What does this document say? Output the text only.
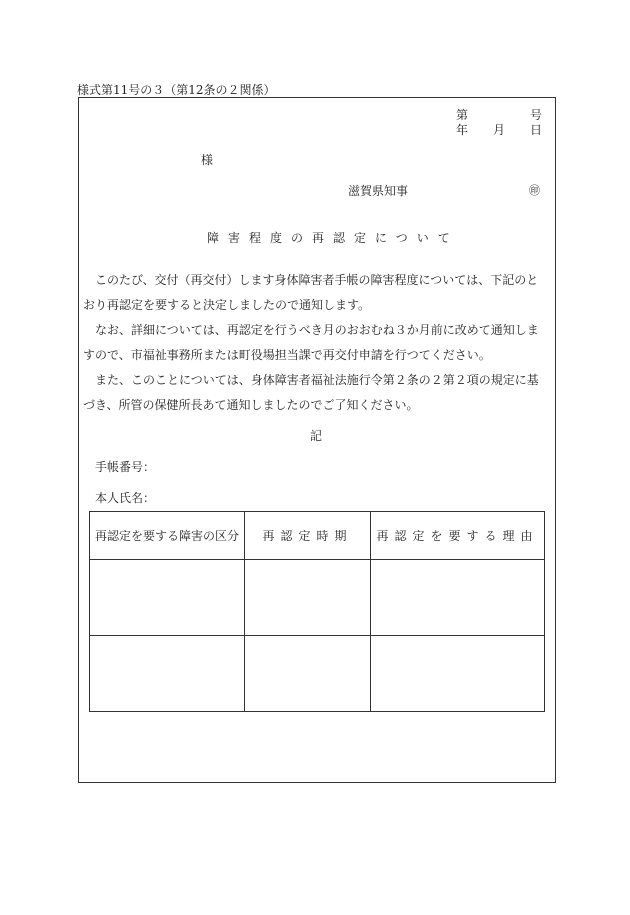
様式第11号の３（第12条の２関係）
第	号
年 月 日
様
滋賀県知事	㊞
障害程度の再認定について
このたび、交付（再交付）します身体障害者手帳の障害程度については、下記のとおり再認定を要すると決定しましたので通知します。
なお、詳細については、再認定を行うべき月のおおむね３か月前に改めて通知しますので、市福祉事務所または町役場担当課で再交付申請を行つてください。
また、このことについては、身体障害者福祉法施行令第２条の２第２項の規定に基づき、所管の保健所長あて通知しましたのでご了知ください。
記
手帳番号：
本人氏名：
再認定を要する障害の区分	再認定時期	再認定を要する理由
